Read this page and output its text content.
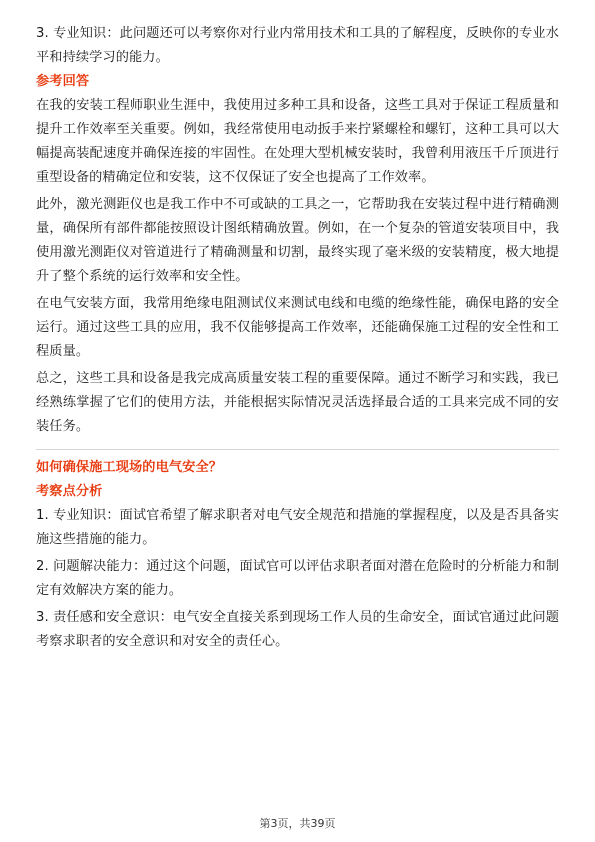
3. 专业知识：此问题还可以考察你对行业内常用技术和工具的了解程度，反映你的专业水平和持续学习的能力。

参考回答

在我的安装工程师职业生涯中，我使用过多种工具和设备，这些工具对于保证工程质量和提升工作效率至关重要。例如，我经常使用电动扳手来拧紧螺栓和螺钉，这种工具可以大幅提高装配速度并确保连接的牢固性。在处理大型机械安装时，我曾利用液压千斤顶进行重型设备的精确定位和安装，这不仅保证了安全也提高了工作效率。

此外，激光测距仪也是我工作中不可或缺的工具之一，它帮助我在安装过程中进行精确测量，确保所有部件都能按照设计图纸精确放置。例如，在一个复杂的管道安装项目中，我使用激光测距仪对管道进行了精确测量和切割，最终实现了毫米级的安装精度，极大地提升了整个系统的运行效率和安全性。

在电气安装方面，我常用绝缘电阻测试仪来测试电线和电缆的绝缘性能，确保电路的安全运行。通过这些工具的应用，我不仅能够提高工作效率，还能确保施工过程的安全性和工程质量。

总之，这些工具和设备是我完成高质量安装工程的重要保障。通过不断学习和实践，我已经熟练掌握了它们的使用方法，并能根据实际情况灵活选择最合适的工具来完成不同的安装任务。

如何确保施工现场的电气安全？

考察点分析

1. 专业知识：面试官希望了解求职者对电气安全规范和措施的掌握程度，以及是否具备实施这些措施的能力。

2. 问题解决能力：通过这个问题，面试官可以评估求职者面对潜在危险时的分析能力和制定有效解决方案的能力。

3. 责任感和安全意识：电气安全直接关系到现场工作人员的生命安全，面试官通过此问题考察求职者的安全意识和对安全的责任心。

第3页，共39页
